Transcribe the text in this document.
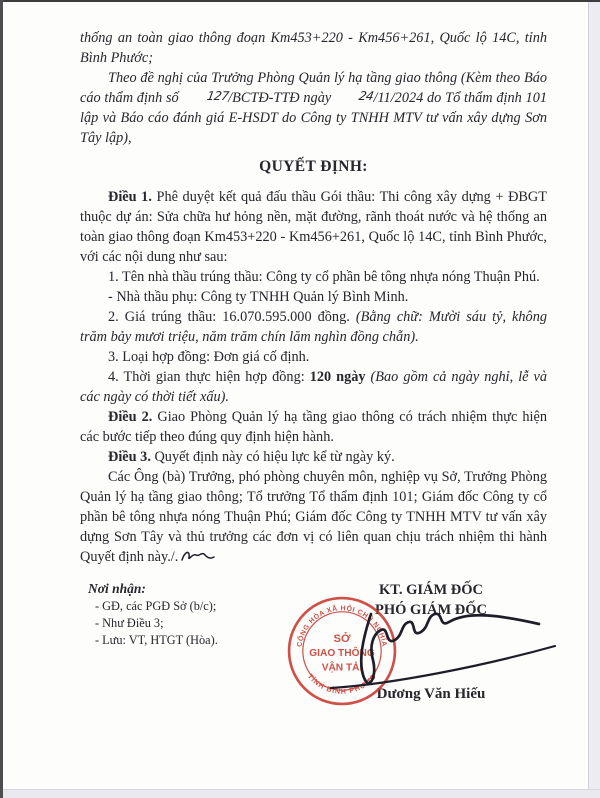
thống an toàn giao thông đoạn Km453+220 - Km456+261, Quốc lộ 14C, tỉnh Bình Phước;

Theo đề nghị của Trưởng Phòng Quản lý hạ tầng giao thông (Kèm theo Báo cáo thẩm định số 127/BCTĐ-TTĐ ngày 24/11/2024 do Tổ thẩm định 101 lập và Báo cáo đánh giá E-HSDT do Công ty TNHH MTV tư vấn xây dựng Sơn Tây lập),

QUYẾT ĐỊNH:

Điều 1. Phê duyệt kết quả đấu thầu Gói thầu: Thi công xây dựng + ĐBGT thuộc dự án: Sửa chữa hư hỏng nền, mặt đường, rãnh thoát nước và hệ thống an toàn giao thông đoạn Km453+220 - Km456+261, Quốc lộ 14C, tỉnh Bình Phước, với các nội dung như sau:

1. Tên nhà thầu trúng thầu: Công ty cổ phần bê tông nhựa nóng Thuận Phú.

- Nhà thầu phụ: Công ty TNHH Quản lý Bình Minh.

2. Giá trúng thầu: 16.070.595.000 đồng. (Bằng chữ: Mười sáu tỷ, không trăm bảy mươi triệu, năm trăm chín lăm nghìn đồng chẵn).

3. Loại hợp đồng: Đơn giá cố định.

4. Thời gian thực hiện hợp đồng: 120 ngày (Bao gồm cả ngày nghỉ, lễ và các ngày có thời tiết xấu).

Điều 2. Giao Phòng Quản lý hạ tầng giao thông có trách nhiệm thực hiện các bước tiếp theo đúng quy định hiện hành.

Điều 3. Quyết định này có hiệu lực kể từ ngày ký.

Các Ông (bà) Trưởng, phó phòng chuyên môn, nghiệp vụ Sở, Trưởng Phòng Quản lý hạ tầng giao thông; Tổ trưởng Tổ thẩm định 101; Giám đốc Công ty cổ phần bê tông nhựa nóng Thuận Phú; Giám đốc Công ty TNHH MTV tư vấn xây dựng Sơn Tây và thủ trưởng các đơn vị có liên quan chịu trách nhiệm thi hành Quyết định này./.

Nơi nhận:

- GĐ, các PGĐ Sở (b/c);

- Như Điều 3;

- Lưu: VT, HTGT (Hòa).

KT. GIÁM ĐỐC

PHÓ GIÁM ĐỐC

CỘNG HÒA XÃ HỘI CHỦ NGHĨA
TỈNH BÌNH PHƯỚC
SỞ
GIAO THÔNG
VẬN TẢI

Dương Văn Hiếu
